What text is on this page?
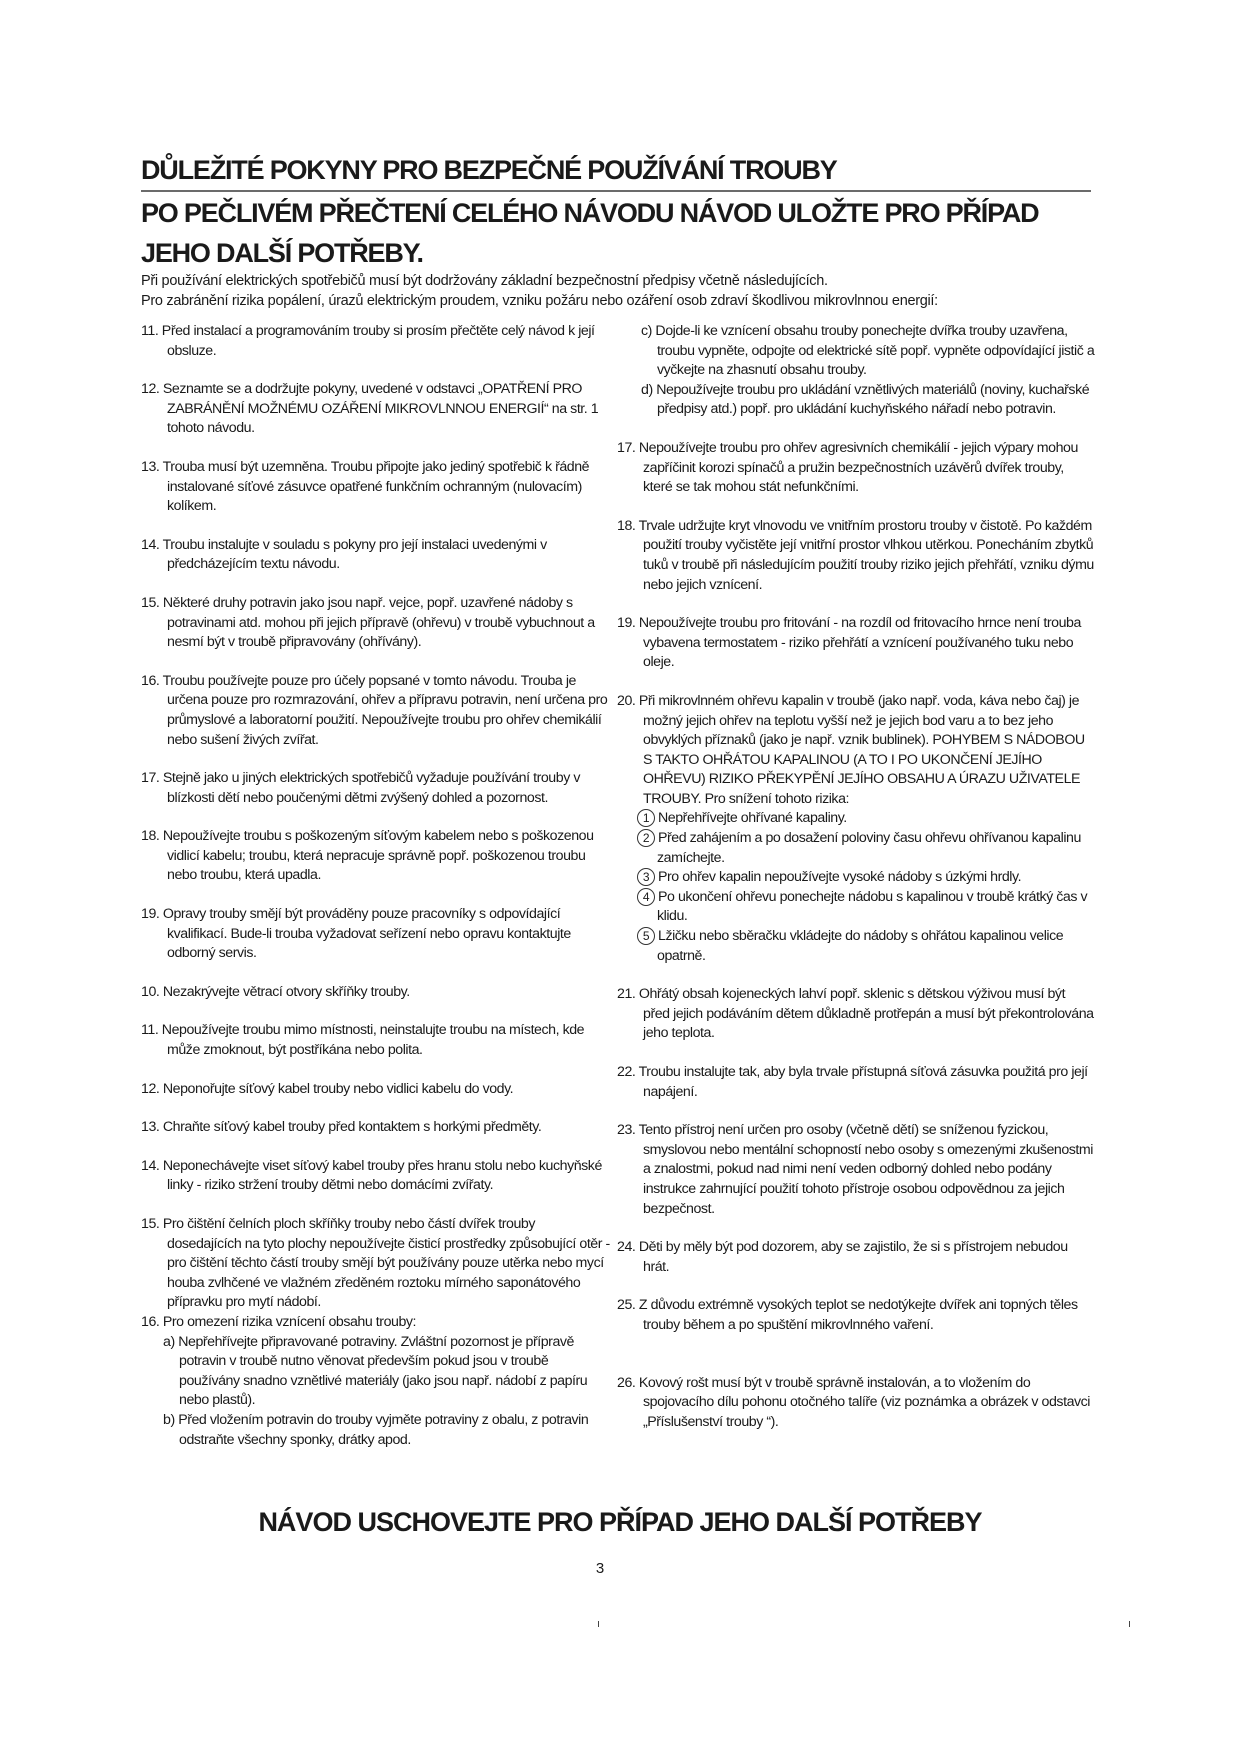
DŮLEŽITÉ POKYNY PRO BEZPEČNÉ POUŽÍVÁNÍ TROUBY
PO PEČLIVÉM PŘEČTENÍ CELÉHO NÁVODU NÁVOD ULOŽTE PRO PŘÍPAD JEHO DALŠÍ POTŘEBY.
Při používání elektrických spotřebičů musí být dodržovány základní bezpečnostní předpisy včetně následujících.
Pro zabránění rizika popálení, úrazů elektrickým proudem, vzniku požáru nebo ozáření osob zdraví škodlivou mikrovlnnou energií:
11. Před instalací a programováním trouby si prosím přečtěte celý návod k její obsluze.
12. Seznamte se a dodržujte pokyny, uvedené v odstavci „OPATŘENÍ PRO ZABRÁNĚNÍ MOŽNÉMU OZÁŘENÍ MIKROVLNNOU ENERGIÍ“ na str. 1 tohoto návodu.
13. Trouba musí být uzemněna. Troubu připojte jako jediný spotřebič k řádně instalované síťové zásuvce opatřené funkčním ochranným (nulovacím) kolíkem.
14. Troubu instalujte v souladu s pokyny pro její instalaci uvedenými v předcházejícím textu návodu.
15. Některé druhy potravin jako jsou např. vejce, popř. uzavřené nádoby s potravinami atd. mohou při jejich přípravě (ohřevu) v troubě vybuchnout a nesmí být v troubě připravovány (ohřívány).
16. Troubu používejte pouze pro účely popsané v tomto návodu. Trouba je určena pouze pro rozmrazování, ohřev a přípravu potravin, není určena pro průmyslové a laboratorní použití. Nepoužívejte troubu pro ohřev chemikálií nebo sušení živých zvířat.
17. Stejně jako u jiných elektrických spotřebičů vyžaduje používání trouby v blízkosti dětí nebo poučenými dětmi zvýšený dohled a pozornost.
18. Nepoužívejte troubu s poškozeným síťovým kabelem nebo s poškozenou vidlicí kabelu; troubu, která nepracuje správně popř. poškozenou troubu nebo troubu, která upadla.
19. Opravy trouby smějí být prováděny pouze pracovníky s odpovídající kvalifikací. Bude-li trouba vyžadovat seřízení nebo opravu kontaktujte odborný servis.
10. Nezakrývejte větrací otvory skříňky trouby.
11. Nepoužívejte troubu mimo místnosti, neinstalujte troubu na místech, kde může zmoknout, být postříkána nebo polita.
12. Neponořujte síťový kabel trouby nebo vidlici kabelu do vody.
13. Chraňte síťový kabel trouby před kontaktem s horkými předměty.
14. Neponechávejte viset síťový kabel trouby přes hranu stolu nebo kuchyňské linky - riziko stržení trouby dětmi nebo domácími zvířaty.
15. Pro čištění čelních ploch skříňky trouby nebo částí dvířek trouby dosedajících na tyto plochy nepoužívejte čisticí prostředky způsobující otěr - pro čištění těchto částí trouby smějí být používány pouze utěrka nebo mycí houba zvlhčené ve vlažném zředěném roztoku mírného saponátového přípravku pro mytí nádobí.
16. Pro omezení rizika vznícení obsahu trouby:
a) Nepřehřívejte připravované potraviny. Zvláštní pozornost je přípravě potravin v troubě nutno věnovat především pokud jsou v troubě používány snadno vznětlivé materiály (jako jsou např. nádobí z papíru nebo plastů).
b) Před vložením potravin do trouby vyjměte potraviny z obalu, z potravin odstraňte všechny sponky, drátky apod.
c) Dojde-li ke vznícení obsahu trouby ponechejte dvířka trouby uzavřena, troubu vypněte, odpojte od elektrické sítě popř. vypněte odpovídající jistič a vyčkejte na zhasnutí obsahu trouby.
d) Nepoužívejte troubu pro ukládání vznětlivých materiálů (noviny, kuchařské předpisy atd.) popř. pro ukládání kuchyňského nářadí nebo potravin.
17. Nepoužívejte troubu pro ohřev agresivních chemikálií - jejich výpary mohou zapříčinit korozi spínačů a pružin bezpečnostních uzávěrů dvířek trouby, které se tak mohou stát nefunkčními.
18. Trvale udržujte kryt vlnovodu ve vnitřním prostoru trouby v čistotě. Po každém použití trouby vyčistěte její vnitřní prostor vlhkou utěrkou. Ponecháním zbytků tuků v troubě při následujícím použití trouby riziko jejich přehřátí, vzniku dýmu nebo jejich vznícení.
19. Nepoužívejte troubu pro fritování - na rozdíl od fritovacího hrnce není trouba vybavena termostatem - riziko přehřátí a vznícení používaného tuku nebo oleje.
20. Při mikrovlnném ohřevu kapalin v troubě (jako např. voda, káva nebo čaj) je možný jejich ohřev na teplotu vyšší než je jejich bod varu a to bez jeho obvyklých příznaků (jako je např. vznik bublinek). POHYBEM S NÁDOBOU S TAKTO OHŘÁTOU KAPALINOU (A TO I PO UKONČENÍ JEJÍHO OHŘEVU) RIZIKO PŘEKYPĚNÍ JEJÍHO OBSAHU A ÚRAZU UŽIVATELE TROUBY. Pro snížení tohoto rizika:
1 Nepřehřívejte ohřívané kapaliny.
2 Před zahájením a po dosažení poloviny času ohřevu ohřívanou kapalinu zamíchejte.
3 Pro ohřev kapalin nepoužívejte vysoké nádoby s úzkými hrdly.
4 Po ukončení ohřevu ponechejte nádobu s kapalinou v troubě krátký čas v klidu.
5 Lžičku nebo sběračku vkládejte do nádoby s ohřátou kapalinou velice opatrně.
21. Ohřátý obsah kojeneckých lahví popř. sklenic s dětskou výživou musí být před jejich podáváním dětem důkladně protřepán a musí být překontrolována jeho teplota.
22. Troubu instalujte tak, aby byla trvale přístupná síťová zásuvka použitá pro její napájení.
23. Tento přístroj není určen pro osoby (včetně dětí) se sníženou fyzickou, smyslovou nebo mentální schopností nebo osoby s omezenými zkušenostmi a znalostmi, pokud nad nimi není veden odborný dohled nebo podány instrukce zahrnující použití tohoto přístroje osobou odpovědnou za jejich bezpečnost.
24. Děti by měly být pod dozorem, aby se zajistilo, že si s přístrojem nebudou hrát.
25. Z důvodu extrémně vysokých teplot se nedotýkejte dvířek ani topných těles trouby během a po spuštění mikrovlnného vaření.
26. Kovový rošt musí být v troubě správně instalován, a to vložením do spojovacího dílu pohonu otočného talíře (viz poznámka a obrázek v odstavci „Příslušenství trouby “).
NÁVOD USCHOVEJTE PRO PŘÍPAD JEHO DALŠÍ POTŘEBY
3
